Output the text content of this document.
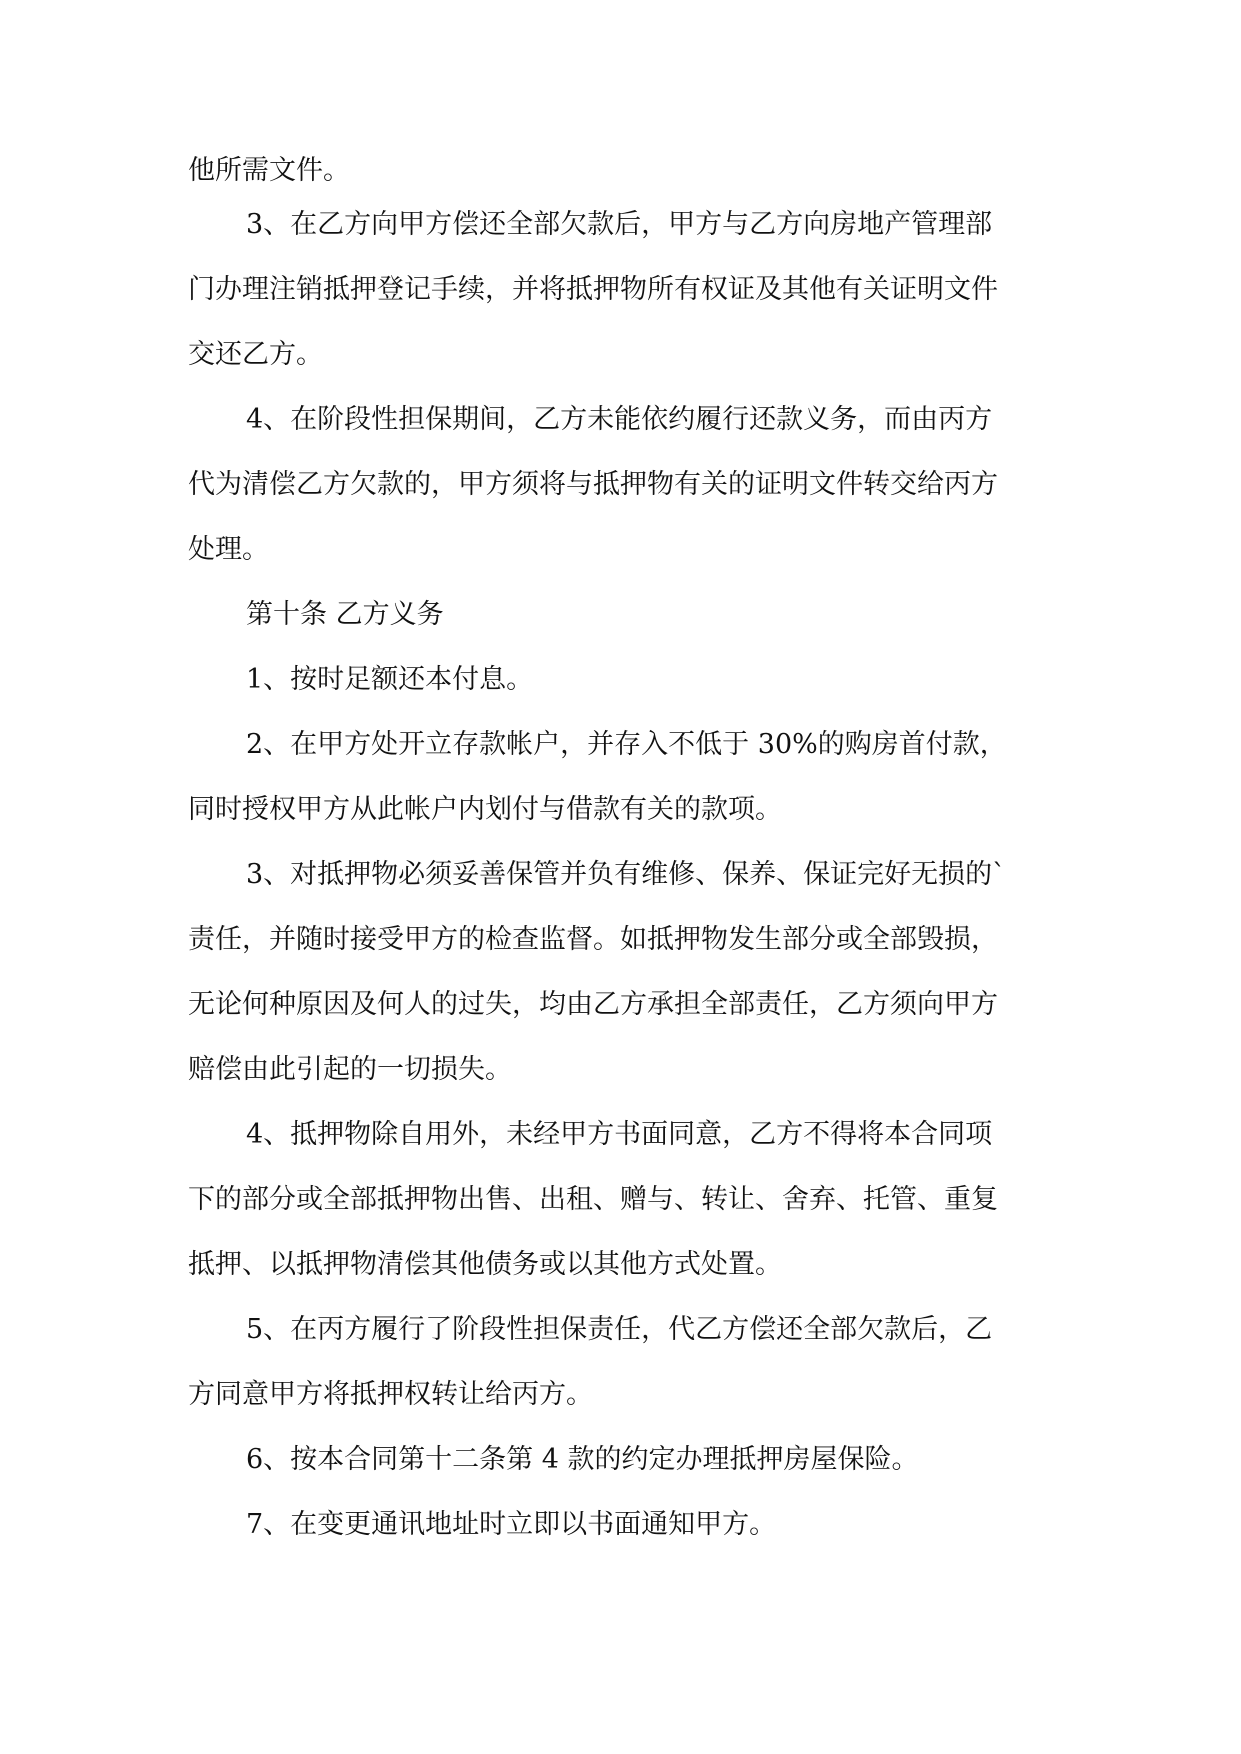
他所需文件。
3、在乙方向甲方偿还全部欠款后，甲方与乙方向房地产管理部
门办理注销抵押登记手续，并将抵押物所有权证及其他有关证明文件
交还乙方。
4、在阶段性担保期间，乙方未能依约履行还款义务，而由丙方
代为清偿乙方欠款的，甲方须将与抵押物有关的证明文件转交给丙方
处理。
第十条 乙方义务
1、按时足额还本付息。
2、在甲方处开立存款帐户，并存入不低于 30%的购房首付款，
同时授权甲方从此帐户内划付与借款有关的款项。
3、对抵押物必须妥善保管并负有维修、保养、保证完好无损的`
责任，并随时接受甲方的检查监督。如抵押物发生部分或全部毁损，
无论何种原因及何人的过失，均由乙方承担全部责任，乙方须向甲方
赔偿由此引起的一切损失。
4、抵押物除自用外，未经甲方书面同意，乙方不得将本合同项
下的部分或全部抵押物出售、出租、赠与、转让、舍弃、托管、重复
抵押、以抵押物清偿其他债务或以其他方式处置。
5、在丙方履行了阶段性担保责任，代乙方偿还全部欠款后，乙
方同意甲方将抵押权转让给丙方。
6、按本合同第十二条第 4 款的约定办理抵押房屋保险。
7、在变更通讯地址时立即以书面通知甲方。
